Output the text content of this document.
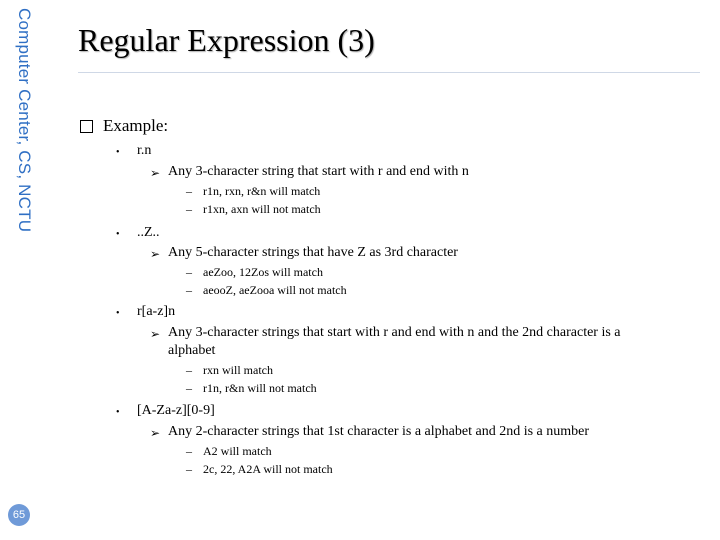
Computer Center, CS, NCTU
65
Regular Expression (3)
Example:
• r.n
➢ Any 3-character string that start with r and end with n
– r1n, rxn, r&n will match
– r1xn, axn will not match
• ..Z..
➢ Any 5-character strings that have Z as 3rd character
– aeZoo, 12Zos will match
– aeooZ, aeZooa will not match
• r[a-z]n
➢ Any 3-character strings that start with r and end with n and the 2nd character is a
alphabet
– rxn will match
– r1n, r&n will not match
• [A-Za-z][0-9]
➢ Any 2-character strings that 1st character is a alphabet and 2nd is a number
– A2 will match
– 2c, 22, A2A will not match
